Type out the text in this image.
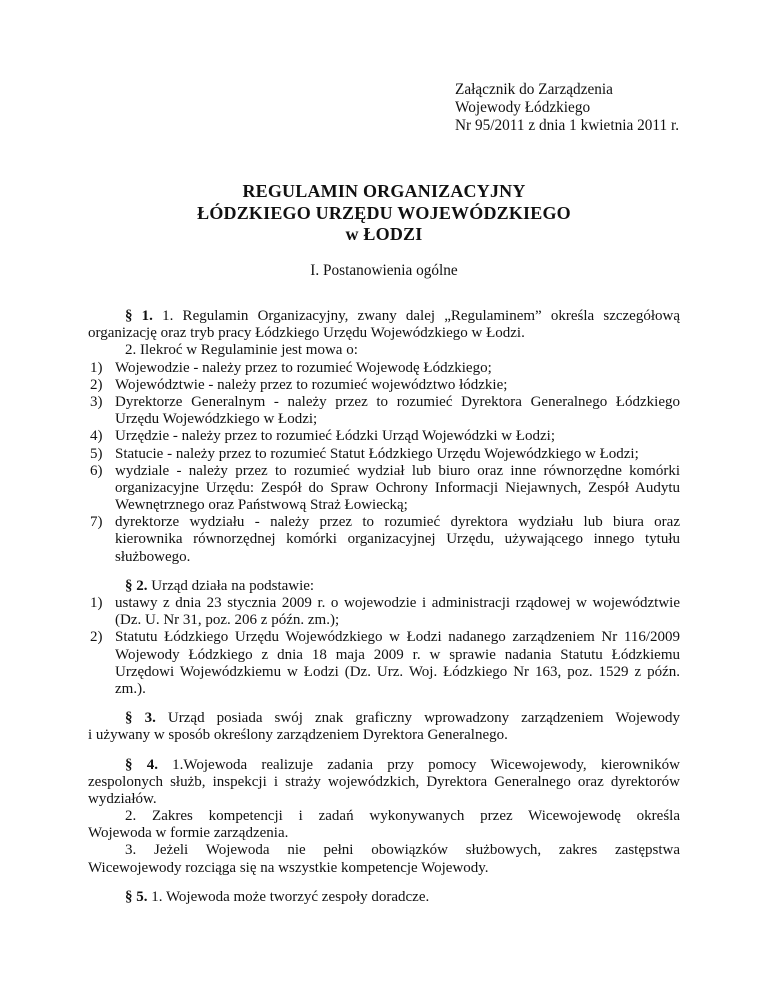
Załącznik do Zarządzenia
Wojewody Łódzkiego
Nr 95/2011 z dnia 1 kwietnia 2011 r.
REGULAMIN ORGANIZACYJNY
ŁÓDZKIEGO URZĘDU WOJEWÓDZKIEGO
w ŁODZI
I. Postanowienia ogólne
§ 1. 1. Regulamin Organizacyjny, zwany dalej „Regulaminem” określa szczegółową
organizację oraz tryb pracy Łódzkiego Urzędu Wojewódzkiego w Łodzi.
2. Ilekroć w Regulaminie jest mowa o:
1) Wojewodzie - należy przez to rozumieć Wojewodę Łódzkiego;
2) Województwie - należy przez to rozumieć województwo łódzkie;
3) Dyrektorze Generalnym - należy przez to rozumieć Dyrektora Generalnego Łódzkiego
Urzędu Wojewódzkiego w Łodzi;
4) Urzędzie - należy przez to rozumieć Łódzki Urząd Wojewódzki w Łodzi;
5) Statucie - należy przez to rozumieć Statut Łódzkiego Urzędu Wojewódzkiego w Łodzi;
6) wydziale - należy przez to rozumieć wydział lub biuro oraz inne równorzędne komórki
organizacyjne Urzędu: Zespół do Spraw Ochrony Informacji Niejawnych, Zespół Audytu
Wewnętrznego oraz Państwową Straż Łowiecką;
7) dyrektorze wydziału - należy przez to rozumieć dyrektora wydziału lub biura oraz
kierownika równorzędnej komórki organizacyjnej Urzędu, używającego innego tytułu
służbowego.
§ 2. Urząd działa na podstawie:
1) ustawy z dnia 23 stycznia 2009 r. o wojewodzie i administracji rządowej w województwie
(Dz. U. Nr 31, poz. 206 z późn. zm.);
2) Statutu Łódzkiego Urzędu Wojewódzkiego w Łodzi nadanego zarządzeniem Nr 116/2009
Wojewody Łódzkiego z dnia 18 maja 2009 r. w sprawie nadania Statutu Łódzkiemu
Urzędowi Wojewódzkiemu w Łodzi (Dz. Urz. Woj. Łódzkiego Nr 163, poz. 1529 z późn.
zm.).
§ 3. Urząd posiada swój znak graficzny wprowadzony zarządzeniem Wojewody
i używany w sposób określony zarządzeniem Dyrektora Generalnego.
§ 4. 1.Wojewoda realizuje zadania przy pomocy Wicewojewody, kierowników
zespolonych służb, inspekcji i straży wojewódzkich, Dyrektora Generalnego oraz dyrektorów
wydziałów.
2. Zakres kompetencji i zadań wykonywanych przez Wicewojewodę określa
Wojewoda w formie zarządzenia.
3. Jeżeli Wojewoda nie pełni obowiązków służbowych, zakres zastępstwa
Wicewojewody rozciąga się na wszystkie kompetencje Wojewody.
§ 5. 1. Wojewoda może tworzyć zespoły doradcze.
